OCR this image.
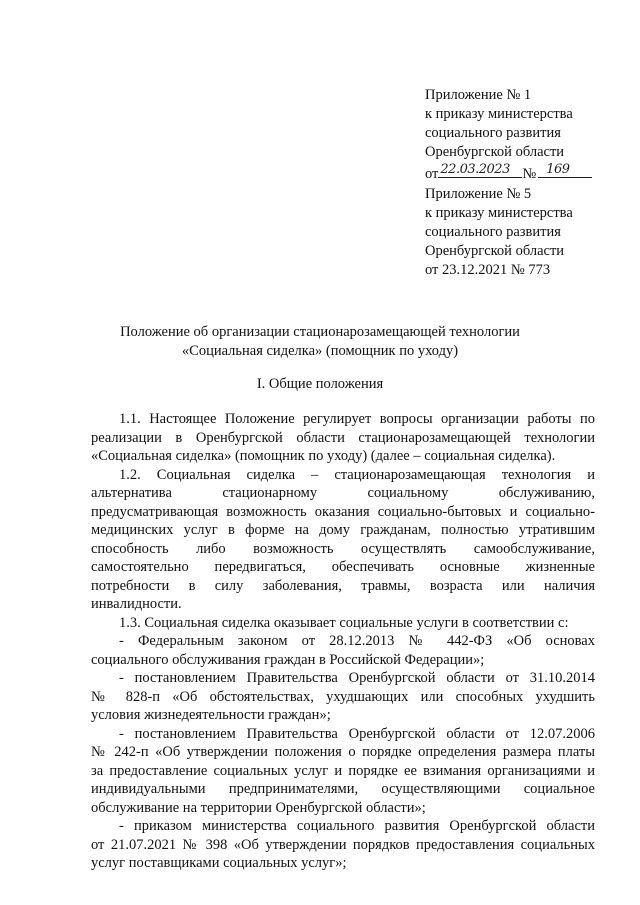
Приложение № 1
к приказу министерства
социального развития
Оренбургской области
от 22.03.2023 № 169
Приложение № 5
к приказу министерства
социального развития
Оренбургской области
от 23.12.2021 № 773
Положение об организации стационарозамещающей технологии
«Социальная сиделка» (помощник по уходу)
I. Общие положения

1.1. Настоящее Положение регулирует вопросы организации работы по

реализации в Оренбургской области стационарозамещающей технологии

«Социальная сиделка» (помощник по уходу) (далее – социальная сиделка).

1.2. Социальная сиделка – стационарозамещающая технология и

альтернатива стационарному социальному обслуживанию,

предусматривающая возможность оказания социально-бытовых и социально-

медицинских услуг в форме на дому гражданам, полностью утратившим

способность либо возможность осуществлять самообслуживание,

самостоятельно передвигаться, обеспечивать основные жизненные

потребности в силу заболевания, травмы, возраста или наличия

инвалидности.

1.3. Социальная сиделка оказывает социальные услуги в соответствии с:

- Федеральным законом от 28.12.2013 № 442-ФЗ «Об основах

социального обслуживания граждан в Российской Федерации»;

- постановлением Правительства Оренбургской области от 31.10.2014

№ 828-п «Об обстоятельствах, ухудшающих или способных ухудшить

условия жизнедеятельности граждан»;

- постановлением Правительства Оренбургской области от 12.07.2006

№ 242-п «Об утверждении положения о порядке определения размера платы

за предоставление социальных услуг и порядке ее взимания организациями и

индивидуальными предпринимателями, осуществляющими социальное

обслуживание на территории Оренбургской области»;

- приказом министерства социального развития Оренбургской области

от 21.07.2021 № 398 «Об утверждении порядков предоставления социальных

услуг поставщиками социальных услуг»;
